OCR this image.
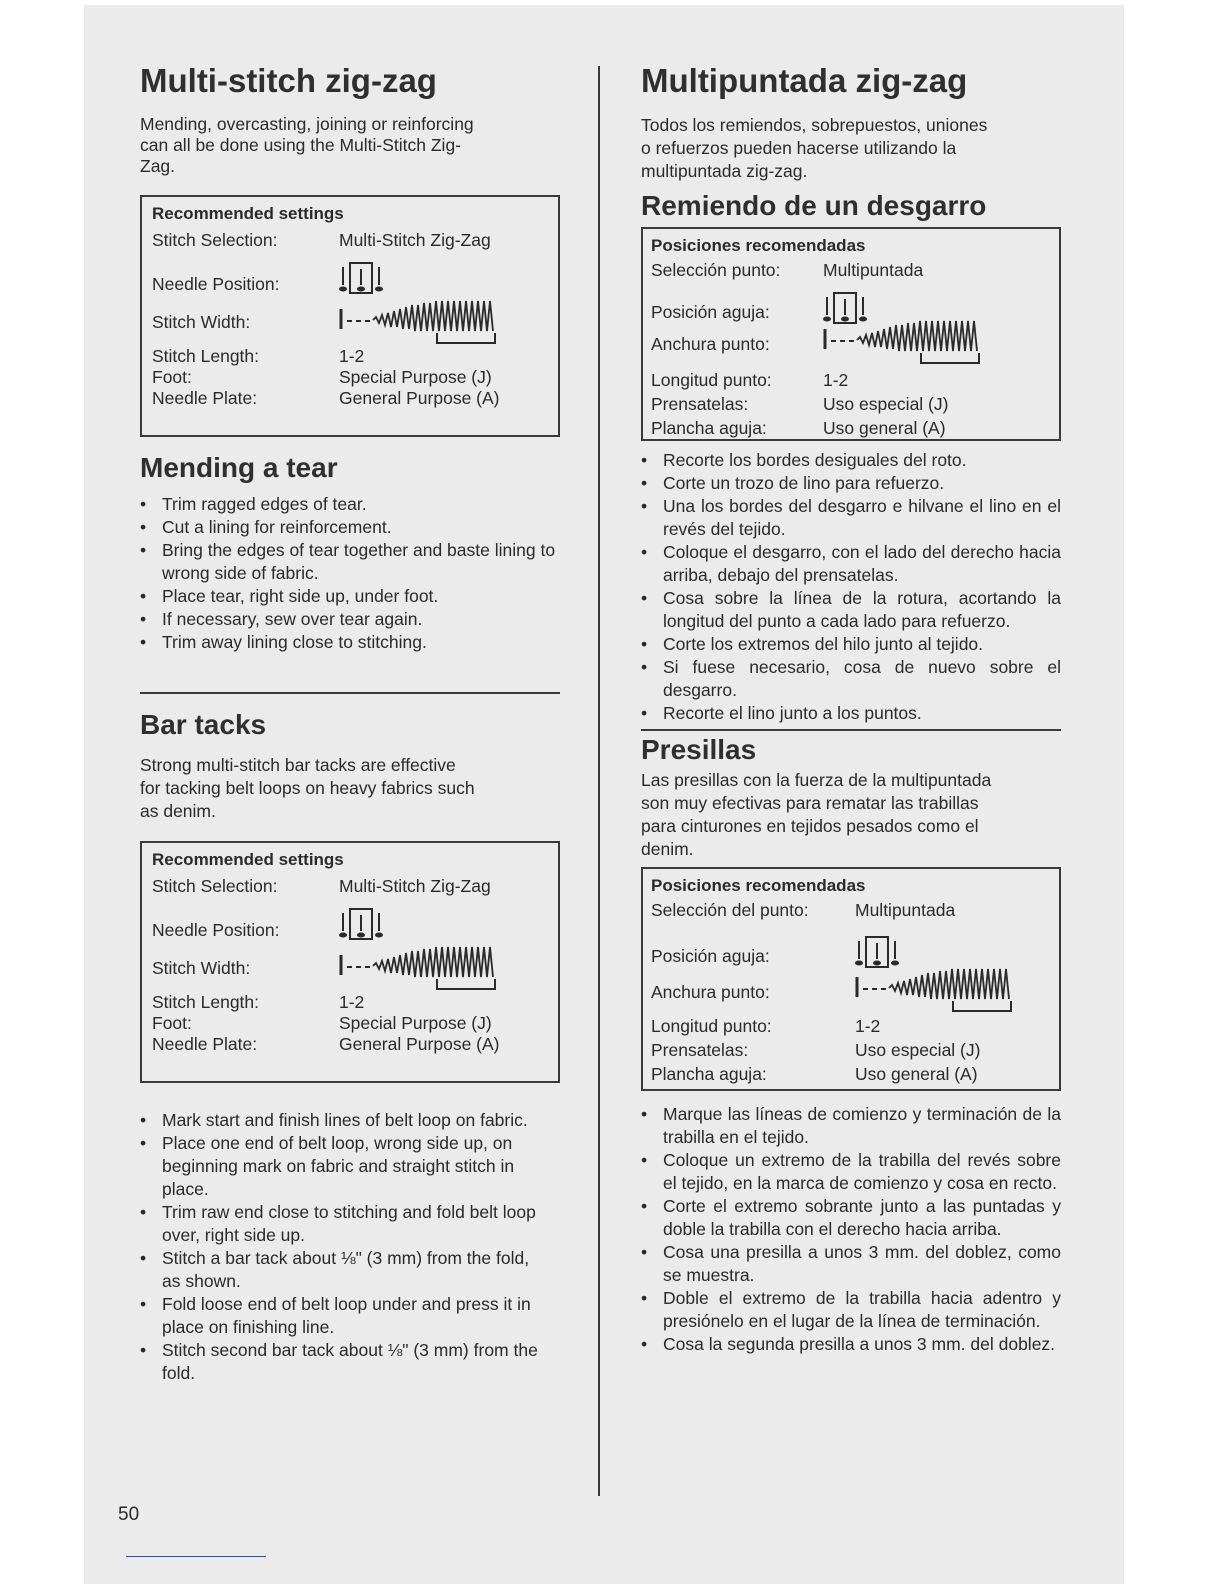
Multi-stitch zig-zag

Mending, overcasting, joining or reinforcing

can all be done using the Multi-Stitch Zig-

Zag.

Recommended settings
Stitch Selection:	Multi-Stitch Zig-Zag
Needle Position:
Stitch Width:
Stitch Length:	1-2
Foot:	Special Purpose (J)
Needle Plate:	General Purpose (A)
Mending a tear
• Trim ragged edges of tear.
• Cut a lining for reinforcement.
• Bring the edges of tear together and baste lining to wrong side of fabric.
• Place tear, right side up, under foot.
• If necessary, sew over tear again.
• Trim away lining close to stitching.
Bar tacks

Strong multi-stitch bar tacks are effective

for tacking belt loops on heavy fabrics such

as denim.

Recommended settings
Stitch Selection:	Multi-Stitch Zig-Zag
Needle Position:
Stitch Width:
Stitch Length:	1-2
Foot:	Special Purpose (J)
Needle Plate:	General Purpose (A)
• Mark start and finish lines of belt loop on fabric.
• Place one end of belt loop, wrong side up, on beginning mark on fabric and straight stitch in place.
• Trim raw end close to stitching and fold belt loop over, right side up.
• Stitch a bar tack about ⅛" (3 mm) from the fold, as shown.
• Fold loose end of belt loop under and press it in place on finishing line.
• Stitch second bar tack about ⅛" (3 mm) from the fold.
Multipuntada zig-zag

Todos los remiendos, sobrepuestos, uniones

o refuerzos pueden hacerse utilizando la

multipuntada zig-zag.

Remiendo de un desgarro
Posiciones recomendadas
Selección punto:	Multipuntada
Posición aguja:
Anchura punto:
Longitud punto:	1-2
Prensatelas:	Uso especial (J)
Plancha aguja:	Uso general (A)
• Recorte los bordes desiguales del roto.
• Corte un trozo de lino para refuerzo.
• Una los bordes del desgarro e hilvane el lino en el revés del tejido.
• Coloque el desgarro, con el lado del derecho hacia arriba, debajo del prensatelas.
• Cosa sobre la línea de la rotura, acortando la longitud del punto a cada lado para refuerzo.
• Corte los extremos del hilo junto al tejido.
• Si fuese necesario, cosa de nuevo sobre el desgarro.
• Recorte el lino junto a los puntos.
Presillas

Las presillas con la fuerza de la multipuntada

son muy efectivas para rematar las trabillas

para cinturones en tejidos pesados como el

denim.

Posiciones recomendadas
Selección del punto:	Multipuntada
Posición aguja:
Anchura punto:
Longitud punto:	1-2
Prensatelas:	Uso especial (J)
Plancha aguja:	Uso general (A)
• Marque las líneas de comienzo y terminación de la trabilla en el tejido.
• Coloque un extremo de la trabilla del revés sobre el tejido, en la marca de comienzo y cosa en recto.
• Corte el extremo sobrante junto a las puntadas y doble la trabilla con el derecho hacia arriba.
• Cosa una presilla a unos 3 mm. del doblez, como se muestra.
• Doble el extremo de la trabilla hacia adentro y presiónelo en el lugar de la línea de terminación.
• Cosa la segunda presilla a unos 3 mm. del doblez.
50
